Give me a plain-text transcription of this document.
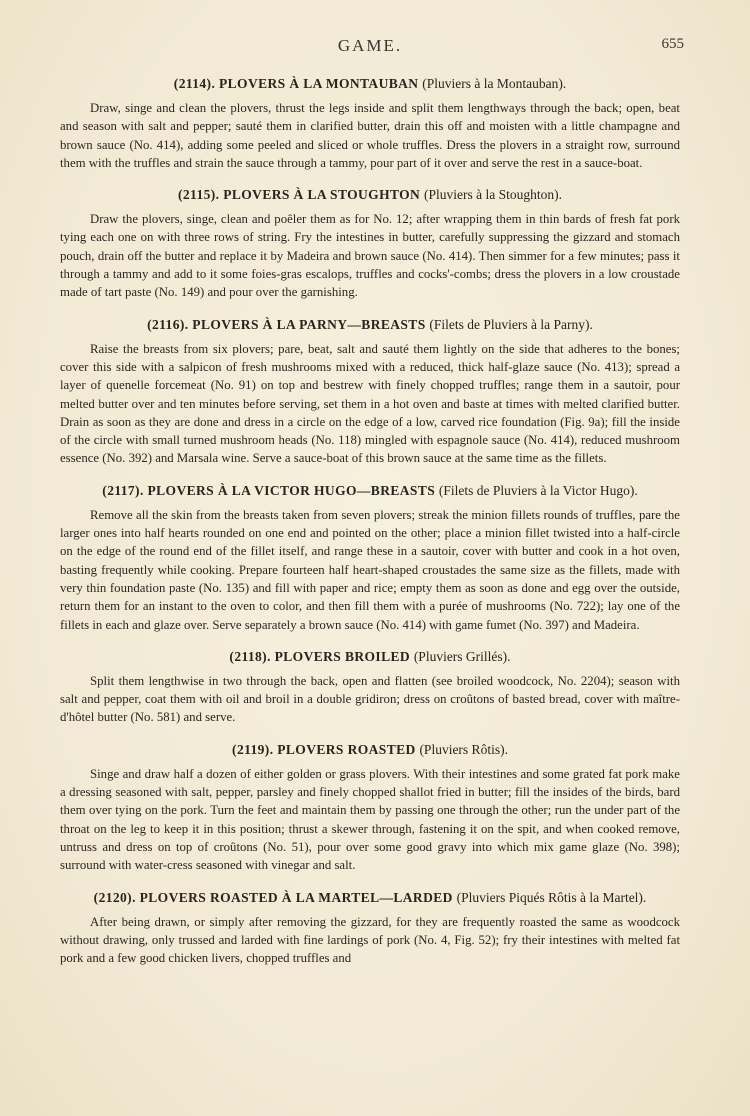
GAME.	655

(2114). PLOVERS À LA MONTAUBAN (Pluviers à la Montauban).

Draw, singe and clean the plovers, thrust the legs inside and split them lengthways through the back; open, beat and season with salt and pepper; sauté them in clarified butter, drain this off and moisten with a little champagne and brown sauce (No. 414), adding some peeled and sliced or whole truffles. Dress the plovers in a straight row, surround them with the truffles and strain the sauce through a tammy, pour part of it over and serve the rest in a sauce-boat.

(2115). PLOVERS À LA STOUGHTON (Pluviers à la Stoughton).

Draw the plovers, singe, clean and poêler them as for No. 12; after wrapping them in thin bards of fresh fat pork tying each one on with three rows of string. Fry the intestines in butter, carefully suppressing the gizzard and stomach pouch, drain off the butter and replace it by Madeira and brown sauce (No. 414). Then simmer for a few minutes; pass it through a tammy and add to it some foies-gras escalops, truffles and cocks'-combs; dress the plovers in a low croustade made of tart paste (No. 149) and pour over the garnishing.

(2116). PLOVERS À LA PARNY—BREASTS (Filets de Pluviers à la Parny).

Raise the breasts from six plovers; pare, beat, salt and sauté them lightly on the side that adheres to the bones; cover this side with a salpicon of fresh mushrooms mixed with a reduced, thick half-glaze sauce (No. 413); spread a layer of quenelle forcemeat (No. 91) on top and bestrew with finely chopped truffles; range them in a sautoir, pour melted butter over and ten minutes before serving, set them in a hot oven and baste at times with melted clarified butter. Drain as soon as they are done and dress in a circle on the edge of a low, carved rice foundation (Fig. 9a); fill the inside of the circle with small turned mushroom heads (No. 118) mingled with espagnole sauce (No. 414), reduced mushroom essence (No. 392) and Marsala wine. Serve a sauce-boat of this brown sauce at the same time as the fillets.

(2117). PLOVERS À LA VICTOR HUGO—BREASTS (Filets de Pluviers à la Victor Hugo).

Remove all the skin from the breasts taken from seven plovers; streak the minion fillets rounds of truffles, pare the larger ones into half hearts rounded on one end and pointed on the other; place a minion fillet twisted into a half-circle on the edge of the round end of the fillet itself, and range these in a sautoir, cover with butter and cook in a hot oven, basting frequently while cooking. Prepare fourteen half heart-shaped croustades the same size as the fillets, made with very thin foundation paste (No. 135) and fill with paper and rice; empty them as soon as done and egg over the outside, return them for an instant to the oven to color, and then fill them with a purée of mushrooms (No. 722); lay one of the fillets in each and glaze over. Serve separately a brown sauce (No. 414) with game fumet (No. 397) and Madeira.

(2118). PLOVERS BROILED (Pluviers Grillés).

Split them lengthwise in two through the back, open and flatten (see broiled woodcock, No. 2204); season with salt and pepper, coat them with oil and broil in a double gridiron; dress on croûtons of basted bread, cover with maître-d'hôtel butter (No. 581) and serve.

(2119). PLOVERS ROASTED (Pluviers Rôtis).

Singe and draw half a dozen of either golden or grass plovers. With their intestines and some grated fat pork make a dressing seasoned with salt, pepper, parsley and finely chopped shallot fried in butter; fill the insides of the birds, bard them over tying on the pork. Turn the feet and maintain them by passing one through the other; run the under part of the throat on the leg to keep it in this position; thrust a skewer through, fastening it on the spit, and when cooked remove, untruss and dress on top of croûtons (No. 51), pour over some good gravy into which mix game glaze (No. 398); surround with water-cress seasoned with vinegar and salt.

(2120). PLOVERS ROASTED À LA MARTEL—LARDED (Pluviers Piqués Rôtis à la Martel).

After being drawn, or simply after removing the gizzard, for they are frequently roasted the same as woodcock without drawing, only trussed and larded with fine lardings of pork (No. 4, Fig. 52); fry their intestines with melted fat pork and a few good chicken livers, chopped truffles and
